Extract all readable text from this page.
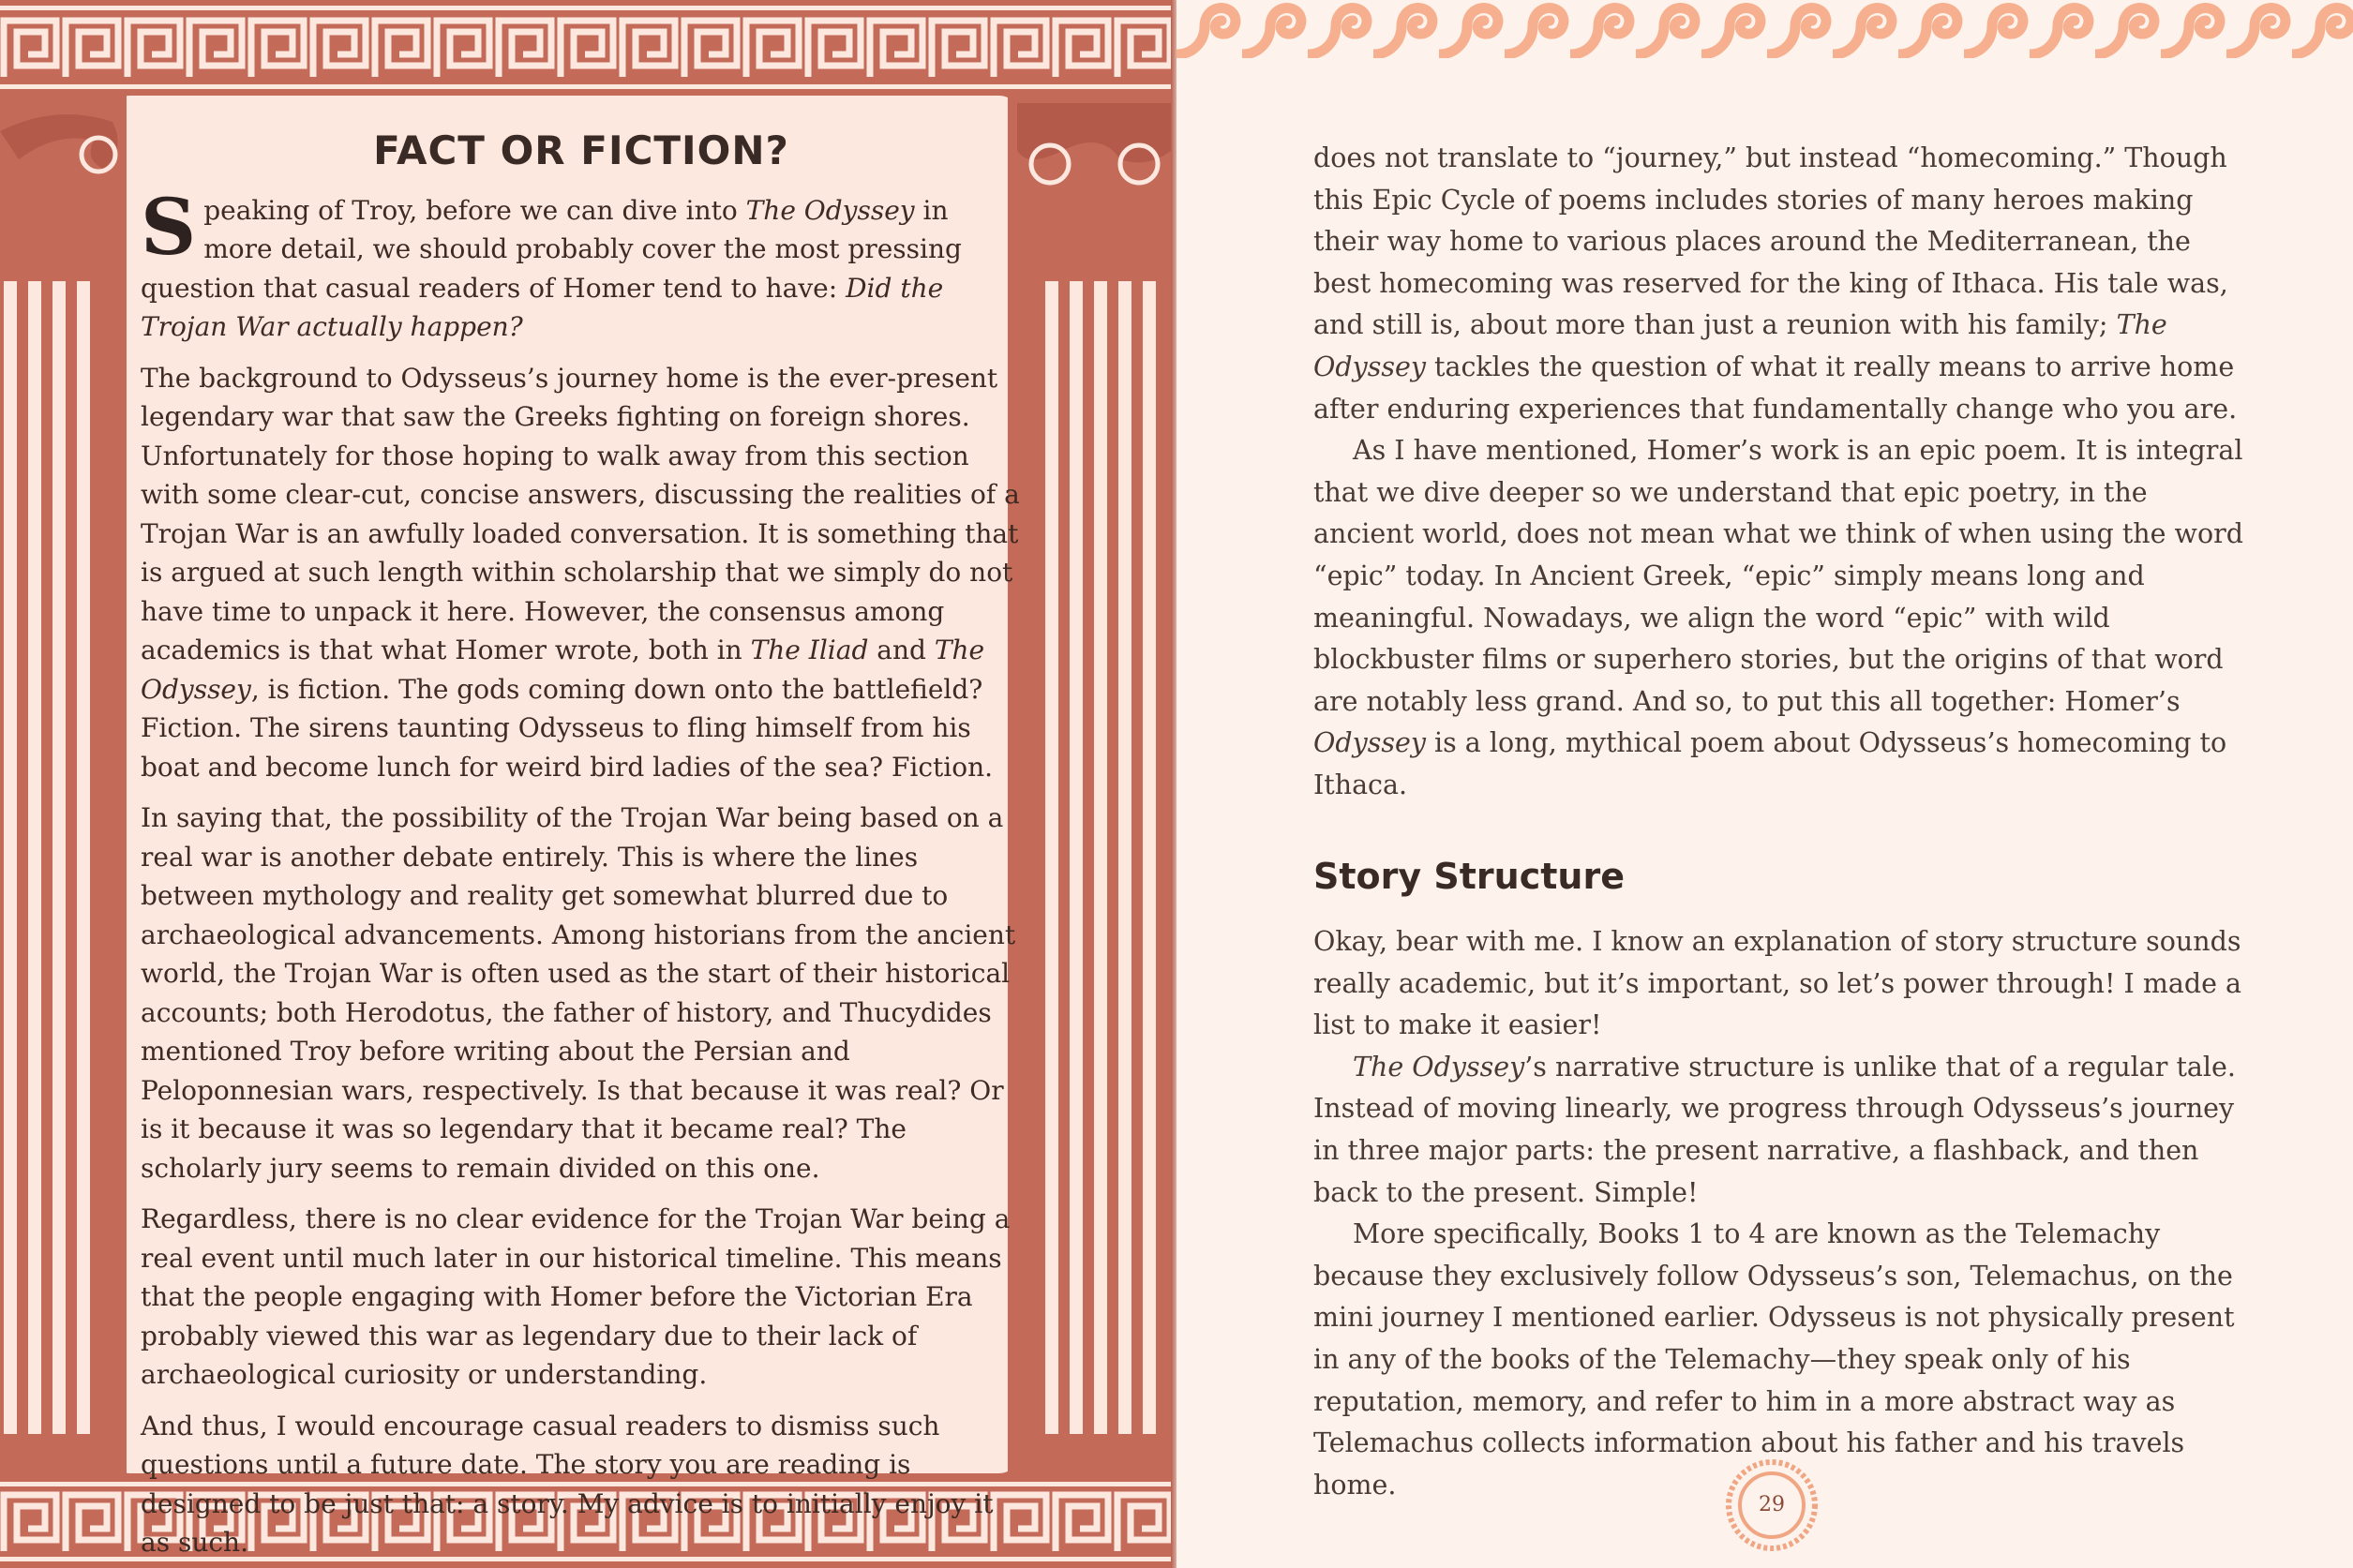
FACT OR FICTION?

Speaking of Troy, before we can dive into The Odyssey in more detail, we should probably cover the most pressing question that casual readers of Homer tend to have: Did the Trojan War actually happen?

The background to Odysseus’s journey home is the ever-present legendary war that saw the Greeks fighting on foreign shores. Unfortunately for those hoping to walk away from this section with some clear-cut, concise answers, discussing the realities of a Trojan War is an awfully loaded conversation. It is something that is argued at such length within scholarship that we simply do not have time to unpack it here. However, the consensus among academics is that what Homer wrote, both in The Iliad and The Odyssey, is fiction. The gods coming down onto the battlefield? Fiction. The sirens taunting Odysseus to fling himself from his boat and become lunch for weird bird ladies of the sea? Fiction.

In saying that, the possibility of the Trojan War being based on a real war is another debate entirely. This is where the lines between mythology and reality get somewhat blurred due to archaeological advancements. Among historians from the ancient world, the Trojan War is often used as the start of their historical accounts; both Herodotus, the father of history, and Thucydides mentioned Troy before writing about the Persian and Peloponnesian wars, respectively. Is that because it was real? Or is it because it was so legendary that it became real? The scholarly jury seems to remain divided on this one.

Regardless, there is no clear evidence for the Trojan War being a real event until much later in our historical timeline. This means that the people engaging with Homer before the Victorian Era probably viewed this war as legendary due to their lack of archaeological curiosity or understanding.

And thus, I would encourage casual readers to dismiss such questions until a future date. The story you are reading is designed to be just that: a story. My advice is to initially enjoy it as such.

does not translate to “journey,” but instead “homecoming.” Though this Epic Cycle of poems includes stories of many heroes making their way home to various places around the Mediterranean, the best homecoming was reserved for the king of Ithaca. His tale was, and still is, about more than just a reunion with his family; The Odyssey tackles the question of what it really means to arrive home after enduring experiences that fundamentally change who you are.

As I have mentioned, Homer’s work is an epic poem. It is integral that we dive deeper so we understand that epic poetry, in the ancient world, does not mean what we think of when using the word “epic” today. In Ancient Greek, “epic” simply means long and meaningful. Nowadays, we align the word “epic” with wild blockbuster films or superhero stories, but the origins of that word are notably less grand. And so, to put this all together: Homer’s Odyssey is a long, mythical poem about Odysseus’s homecoming to Ithaca.

Story Structure

Okay, bear with me. I know an explanation of story structure sounds really academic, but it’s important, so let’s power through! I made a list to make it easier!

The Odyssey’s narrative structure is unlike that of a regular tale. Instead of moving linearly, we progress through Odysseus’s journey in three major parts: the present narrative, a flashback, and then back to the present. Simple!

More specifically, Books 1 to 4 are known as the Telemachy because they exclusively follow Odysseus’s son, Telemachus, on the mini journey I mentioned earlier. Odysseus is not physically present in any of the books of the Telemachy—they speak only of his reputation, memory, and refer to him in a more abstract way as Telemachus collects information about his father and his travels home.

29
